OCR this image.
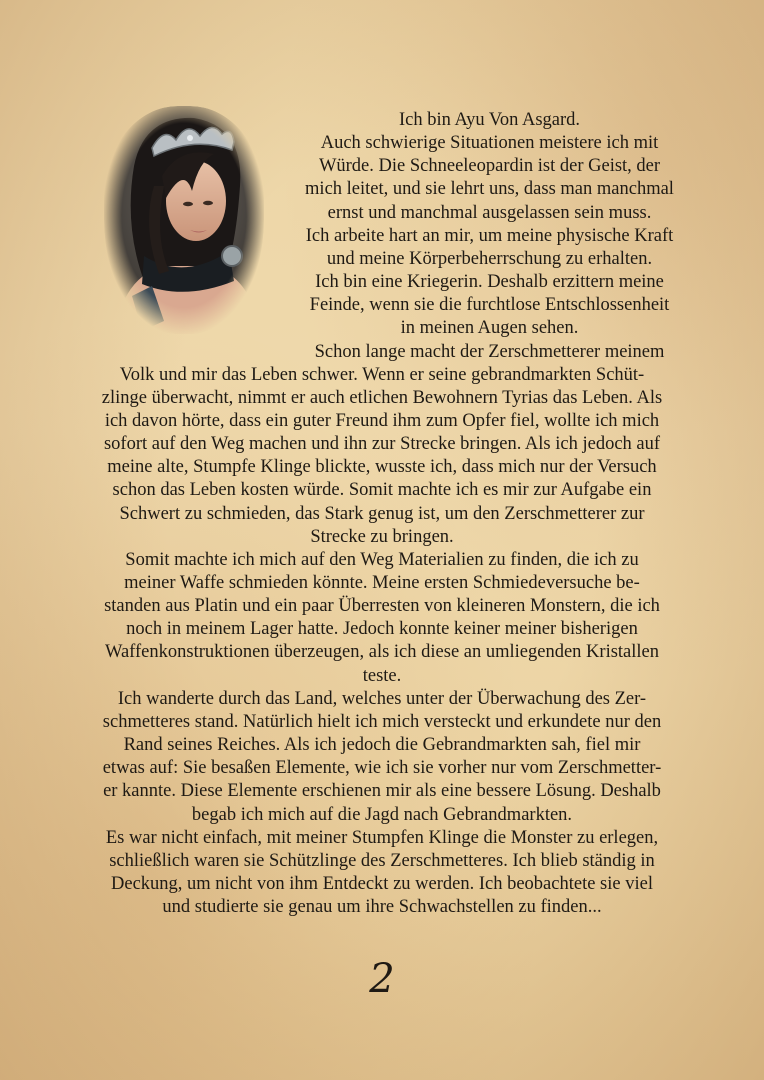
Ich bin Ayu Von Asgard.
Auch schwierige Situationen meistere ich mit
Würde. Die Schneeleopardin ist der Geist, der
mich leitet, und sie lehrt uns, dass man manchmal
ernst und manchmal ausgelassen sein muss.
Ich arbeite hart an mir, um meine physische Kraft
und meine Körperbeherrschung zu erhalten.
Ich bin eine Kriegerin. Deshalb erzittern meine
Feinde, wenn sie die furchtlose Entschlossenheit
in meinen Augen sehen.
Schon lange macht der Zerschmetterer meinem
Volk und mir das Leben schwer. Wenn er seine gebrandmarkten Schüt-
zlinge überwacht, nimmt er auch etlichen Bewohnern Tyrias das Leben. Als
ich davon hörte, dass ein guter Freund ihm zum Opfer fiel, wollte ich mich
sofort auf den Weg machen und ihn zur Strecke bringen. Als ich jedoch auf
meine alte, Stumpfe Klinge blickte, wusste ich, dass mich nur der Versuch
schon das Leben kosten würde. Somit machte ich es mir zur Aufgabe ein
Schwert zu schmieden, das Stark genug ist, um den Zerschmetterer zur
Strecke zu bringen.
Somit machte ich mich auf den Weg Materialien zu finden, die ich zu
meiner Waffe schmieden könnte. Meine ersten Schmiedeversuche be-
standen aus Platin und ein paar Überresten von kleineren Monstern, die ich
noch in meinem Lager hatte. Jedoch konnte keiner meiner bisherigen
Waffenkonstruktionen überzeugen, als ich diese an umliegenden Kristallen
teste.
Ich wanderte durch das Land, welches unter der Überwachung des Zer-
schmetteres stand. Natürlich hielt ich mich versteckt und erkundete nur den
Rand seines Reiches. Als ich jedoch die Gebrandmarkten sah, fiel mir
etwas auf: Sie besaßen Elemente, wie ich sie vorher nur vom Zerschmetter-
er kannte. Diese Elemente erschienen mir als eine bessere Lösung. Deshalb
begab ich mich auf die Jagd nach Gebrandmarkten.
Es war nicht einfach, mit meiner Stumpfen Klinge die Monster zu erlegen,
schließlich waren sie Schützlinge des Zerschmetteres. Ich blieb ständig in
Deckung, um nicht von ihm Entdeckt zu werden. Ich beobachtete sie viel
und studierte sie genau um ihre Schwachstellen zu finden...
2
